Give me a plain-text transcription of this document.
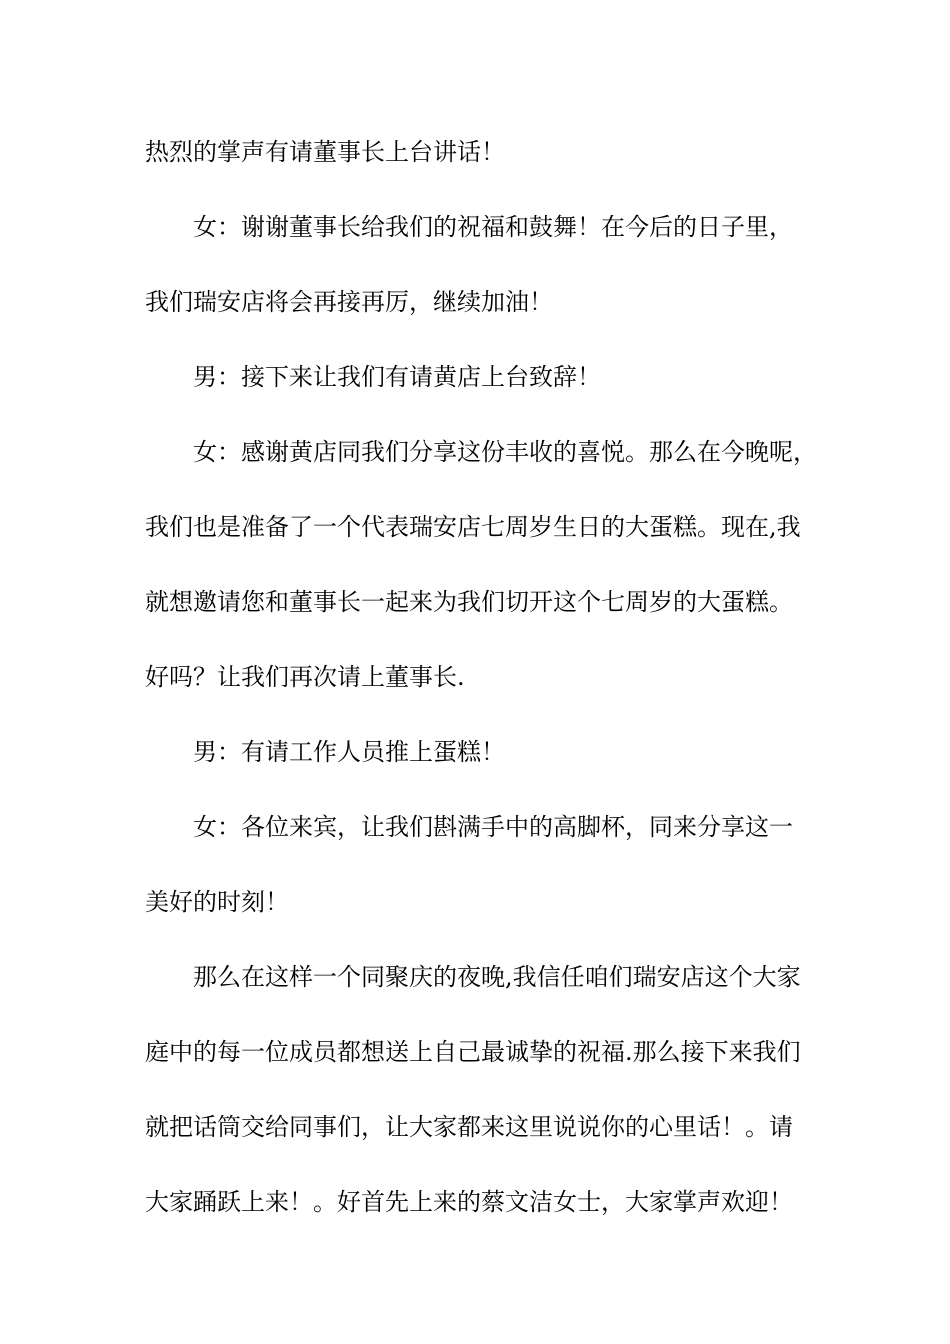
热烈的掌声有请董事长上台讲话！
女：谢谢董事长给我们的祝福和鼓舞！在今后的日子里，
我们瑞安店将会再接再厉，继续加油！
男：接下来让我们有请黄店上台致辞！
女：感谢黄店同我们分享这份丰收的喜悦。那么在今晚呢，
我们也是准备了一个代表瑞安店七周岁生日的大蛋糕。现在,我
就想邀请您和董事长一起来为我们切开这个七周岁的大蛋糕。
好吗？让我们再次请上董事长.
男：有请工作人员推上蛋糕！
女：各位来宾，让我们斟满手中的高脚杯，同来分享这一
美好的时刻！
那么在这样一个同聚庆的夜晚,我信任咱们瑞安店这个大家
庭中的每一位成员都想送上自己最诚挚的祝福.那么接下来我们
就把话筒交给同事们，让大家都来这里说说你的心里话！。请
大家踊跃上来！。好首先上来的蔡文洁女士，大家掌声欢迎！
